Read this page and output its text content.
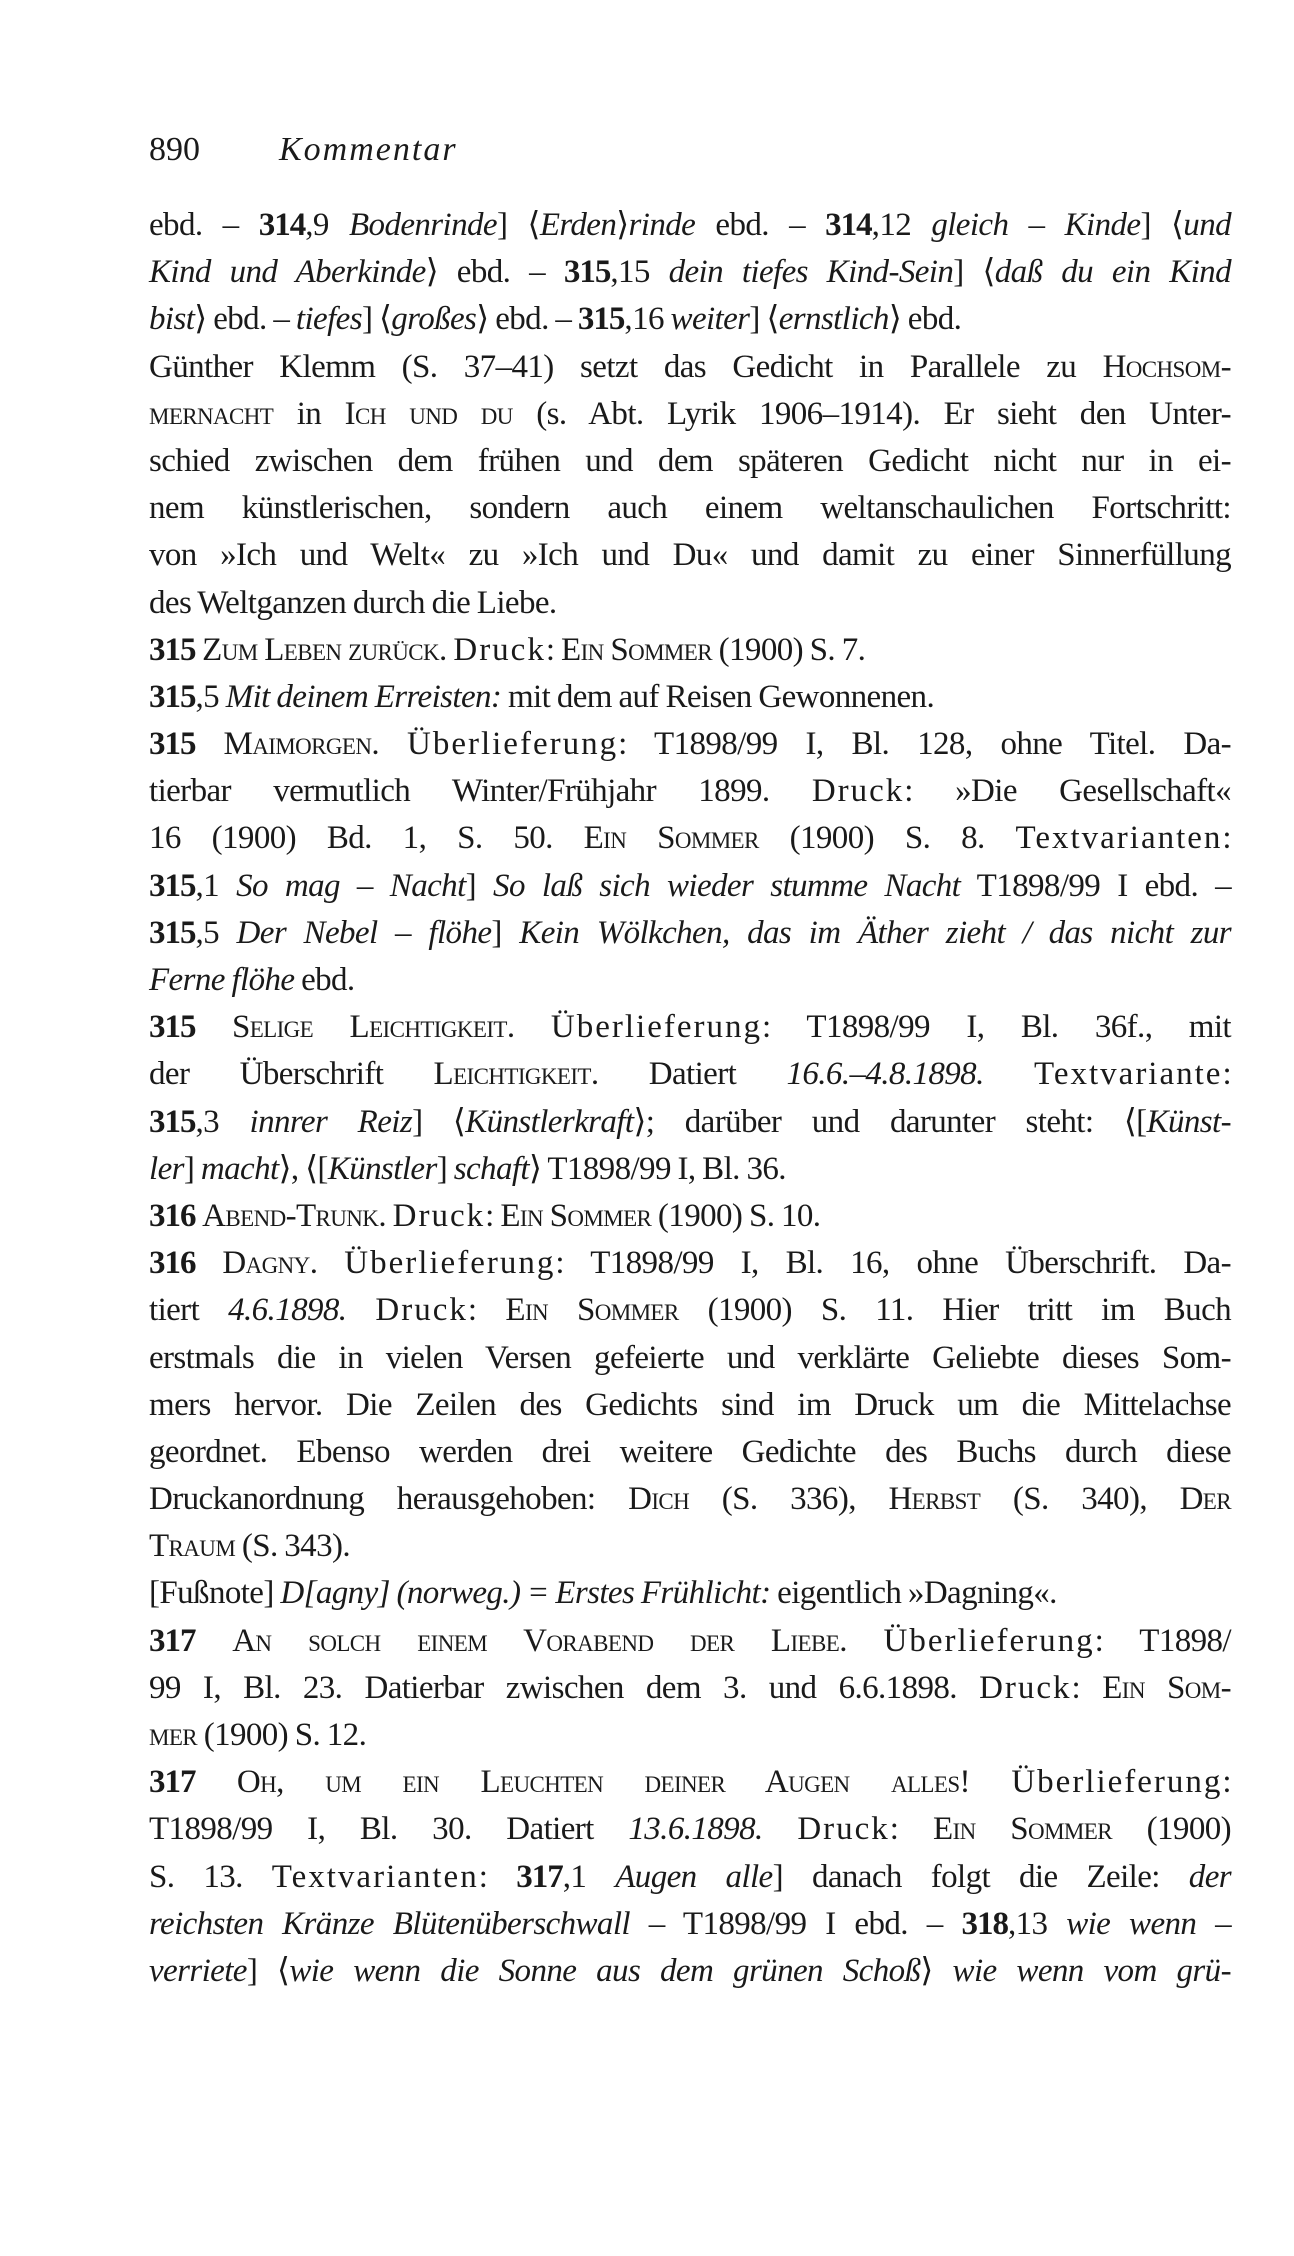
890 Kommentar
ebd. – 314,9 Bodenrinde] ⟨Erden⟩rinde ebd. – 314,12 gleich – Kinde] ⟨und
Kind und Aberkinde⟩ ebd. – 315,15 dein tiefes Kind-Sein] ⟨daß du ein Kind
bist⟩ ebd. – tiefes] ⟨großes⟩ ebd. – 315,16 weiter] ⟨ernstlich⟩ ebd.
Günther Klemm (S. 37–41) setzt das Gedicht in Parallele zu Hochsom-
mernacht in Ich und du (s. Abt. Lyrik 1906–1914). Er sieht den Unter-
schied zwischen dem frühen und dem späteren Gedicht nicht nur in ei-
nem künstlerischen, sondern auch einem weltanschaulichen Fortschritt:
von »Ich und Welt« zu »Ich und Du« und damit zu einer Sinnerfüllung
des Weltganzen durch die Liebe.
315 Zum Leben zurück. Druck: Ein Sommer (1900) S. 7.
315,5 Mit deinem Erreisten: mit dem auf Reisen Gewonnenen.
315 Maimorgen. Überlieferung: T1898/99 I, Bl. 128, ohne Titel. Da-
tierbar vermutlich Winter/Frühjahr 1899. Druck: »Die Gesellschaft«
16 (1900) Bd. 1, S. 50. Ein Sommer (1900) S. 8. Textvarianten:
315,1 So mag – Nacht] So laß sich wieder stumme Nacht T1898/99 I ebd. –
315,5 Der Nebel – flöhe] Kein Wölkchen, das im Äther zieht / das nicht zur
Ferne flöhe ebd.
315 Selige Leichtigkeit. Überlieferung: T1898/99 I, Bl. 36f., mit
der Überschrift Leichtigkeit. Datiert 16.6.–4.8.1898. Textvariante:
315,3 innrer Reiz] ⟨Künstlerkraft⟩; darüber und darunter steht: ⟨[Künst-
ler] macht⟩, ⟨[Künstler] schaft⟩ T1898/99 I, Bl. 36.
316 Abend-Trunk. Druck: Ein Sommer (1900) S. 10.
316 Dagny. Überlieferung: T1898/99 I, Bl. 16, ohne Überschrift. Da-
tiert 4.6.1898. Druck: Ein Sommer (1900) S. 11. Hier tritt im Buch
erstmals die in vielen Versen gefeierte und verklärte Geliebte dieses Som-
mers hervor. Die Zeilen des Gedichts sind im Druck um die Mittelachse
geordnet. Ebenso werden drei weitere Gedichte des Buchs durch diese
Druckanordnung herausgehoben: Dich (S. 336), Herbst (S. 340), Der
Traum (S. 343).
[Fußnote] D[agny] (norweg.) = Erstes Frühlicht: eigentlich »Dagning«.
317 An solch einem Vorabend der Liebe. Überlieferung: T1898/
99 I, Bl. 23. Datierbar zwischen dem 3. und 6.6.1898. Druck: Ein Som-
mer (1900) S. 12.
317 Oh, um ein Leuchten deiner Augen alles! Überlieferung:
T1898/99 I, Bl. 30. Datiert 13.6.1898. Druck: Ein Sommer (1900)
S. 13. Textvarianten: 317,1 Augen alle] danach folgt die Zeile: der
reichsten Kränze Blütenüberschwall – T1898/99 I ebd. – 318,13 wie wenn –
verriete] ⟨wie wenn die Sonne aus dem grünen Schoß⟩ wie wenn vom grü-
